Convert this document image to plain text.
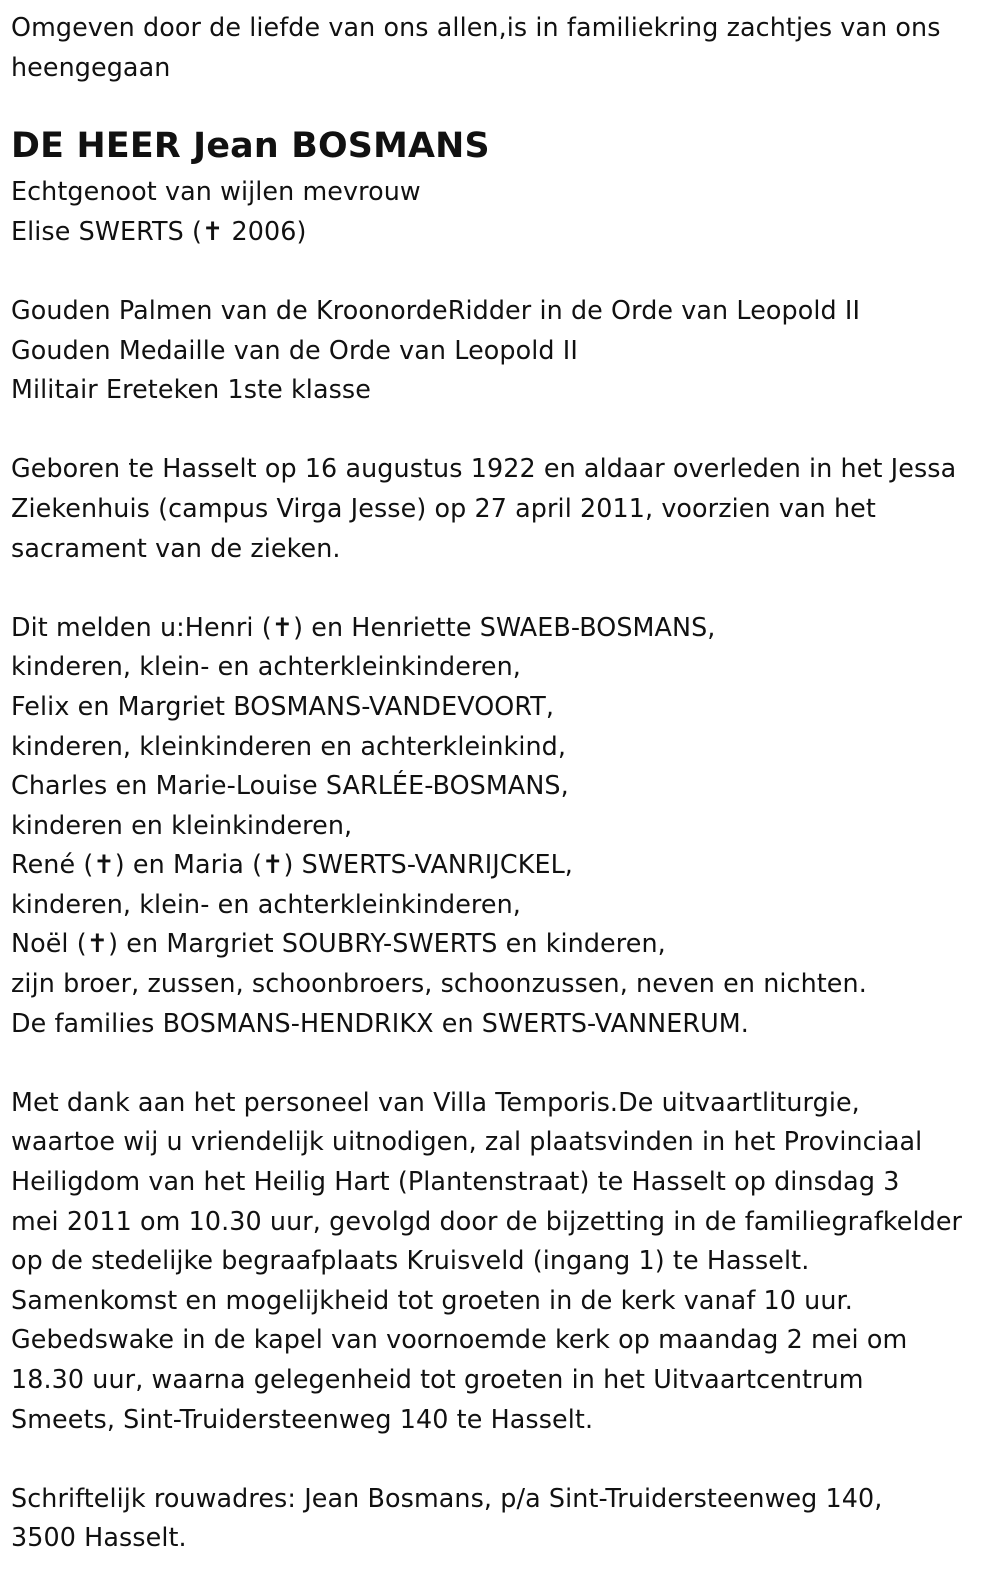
Omgeven door de liefde van ons allen,is in familiekring zachtjes van ons
heengegaan
DE HEER Jean BOSMANS
Echtgenoot van wijlen mevrouw
Elise SWERTS (✝ 2006)
Gouden Palmen van de KroonordeRidder in de Orde van Leopold II
Gouden Medaille van de Orde van Leopold II
Militair Ereteken 1ste klasse
Geboren te Hasselt op 16 augustus 1922 en aldaar overleden in het Jessa
Ziekenhuis (campus Virga Jesse) op 27 april 2011, voorzien van het
sacrament van de zieken.
Dit melden u:Henri (✝) en Henriette SWAEB-BOSMANS,
kinderen, klein- en achterkleinkinderen,
Felix en Margriet BOSMANS-VANDEVOORT,
kinderen, kleinkinderen en achterkleinkind,
Charles en Marie-Louise SARLÉE-BOSMANS,
kinderen en kleinkinderen,
René (✝) en Maria (✝) SWERTS-VANRIJCKEL,
kinderen, klein- en achterkleinkinderen,
Noël (✝) en Margriet SOUBRY-SWERTS en kinderen,
zijn broer, zussen, schoonbroers, schoonzussen, neven en nichten.
De families BOSMANS-HENDRIKX en SWERTS-VANNERUM.
Met dank aan het personeel van Villa Temporis.De uitvaartliturgie,
waartoe wij u vriendelijk uitnodigen, zal plaatsvinden in het Provinciaal
Heiligdom van het Heilig Hart (Plantenstraat) te Hasselt op dinsdag 3
mei 2011 om 10.30 uur, gevolgd door de bijzetting in de familiegrafkelder
op de stedelijke begraafplaats Kruisveld (ingang 1) te Hasselt.
Samenkomst en mogelijkheid tot groeten in de kerk vanaf 10 uur.
Gebedswake in de kapel van voornoemde kerk op maandag 2 mei om
18.30 uur, waarna gelegenheid tot groeten in het Uitvaartcentrum
Smeets, Sint-Truidersteenweg 140 te Hasselt.
Schriftelijk rouwadres: Jean Bosmans, p/a Sint-Truidersteenweg 140,
3500 Hasselt.
